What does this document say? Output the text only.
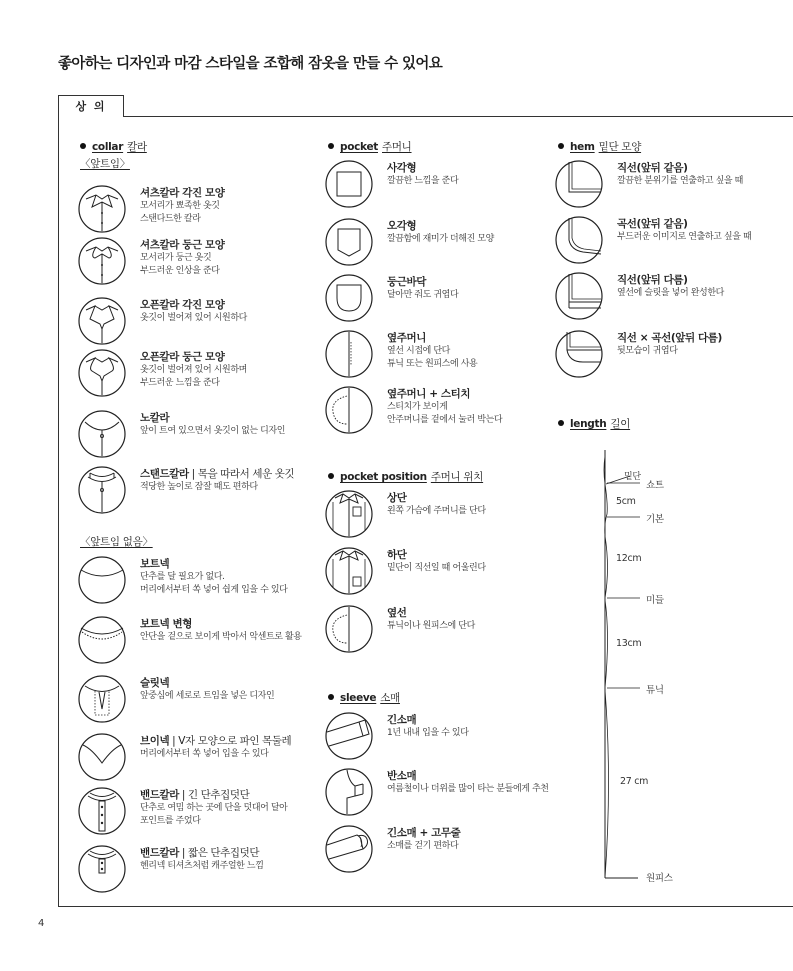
좋아하는 디자인과 마감 스타일을 조합해 잠옷을 만들 수 있어요
상 의
collar 칼라
〈앞트임〉
셔츠칼라 각진 모양
모서리가 뾰족한 옷깃
스탠다드한 칼라
셔츠칼라 둥근 모양
모서리가 둥근 옷깃
부드러운 인상을 준다
오픈칼라 각진 모양
옷깃이 벌어져 있어 시원하다
오픈칼라 둥근 모양
옷깃이 벌어져 있어 시원하며
부드러운 느낌을 준다
노칼라
앞이 트여 있으면서 옷깃이 없는 디자인
스탠드칼라 | 목을 따라서 세운 옷깃
적당한 높이로 잠잘 때도 편하다
〈앞트임 없음〉
보트넥
단추를 달 필요가 없다.
머리에서부터 쏙 넣어 쉽게 입을 수 있다
보트넥 변형
안단을 겉으로 보이게 박아서 악센트로 활용
슬릿넥
앞중심에 세로로 트임을 넣은 디자인
브이넥 | V자 모양으로 파인 목둘레
머리에서부터 쏙 넣어 입을 수 있다
밴드칼라 | 긴 단추집덧단
단추로 여밈 하는 곳에 단을 덧대어 달아
포인트를 주었다
밴드칼라 | 짧은 단추집덧단
헨리넥 티셔츠처럼 캐주얼한 느낌
pocket 주머니
사각형
깔끔한 느낌을 준다
오각형
깔끔함에 재미가 더해진 모양
둥근바닥
달아만 줘도 귀엽다
옆주머니
옆선 시접에 단다
튜닉 또는 원피스에 사용
옆주머니 + 스티치
스티치가 보이게
안주머니를 겉에서 눌러 박는다
pocket position 주머니 위치
상단
왼쪽 가슴에 주머니를 단다
하단
밑단이 직선일 때 어울린다
옆선
튜닉이나 원피스에 단다
sleeve 소매
긴소매
1년 내내 입을 수 있다
반소매
여름철이나 더위를 많이 타는 분들에게 추천
긴소매 + 고무줄
소매를 걷기 편하다
hem 밑단 모양
직선(앞뒤 같음)
깔끔한 분위기를 연출하고 싶을 때
곡선(앞뒤 같음)
부드러운 이미지로 연출하고 싶을 때
직선(앞뒤 다름)
옆선에 슬릿을 넣어 완성한다
직선 × 곡선(앞뒤 다름)
뒷모습이 귀엽다
length 길이
밑단
쇼트
5cm
기본
12cm
미들
13cm
튜닉
27 cm
원피스
4
